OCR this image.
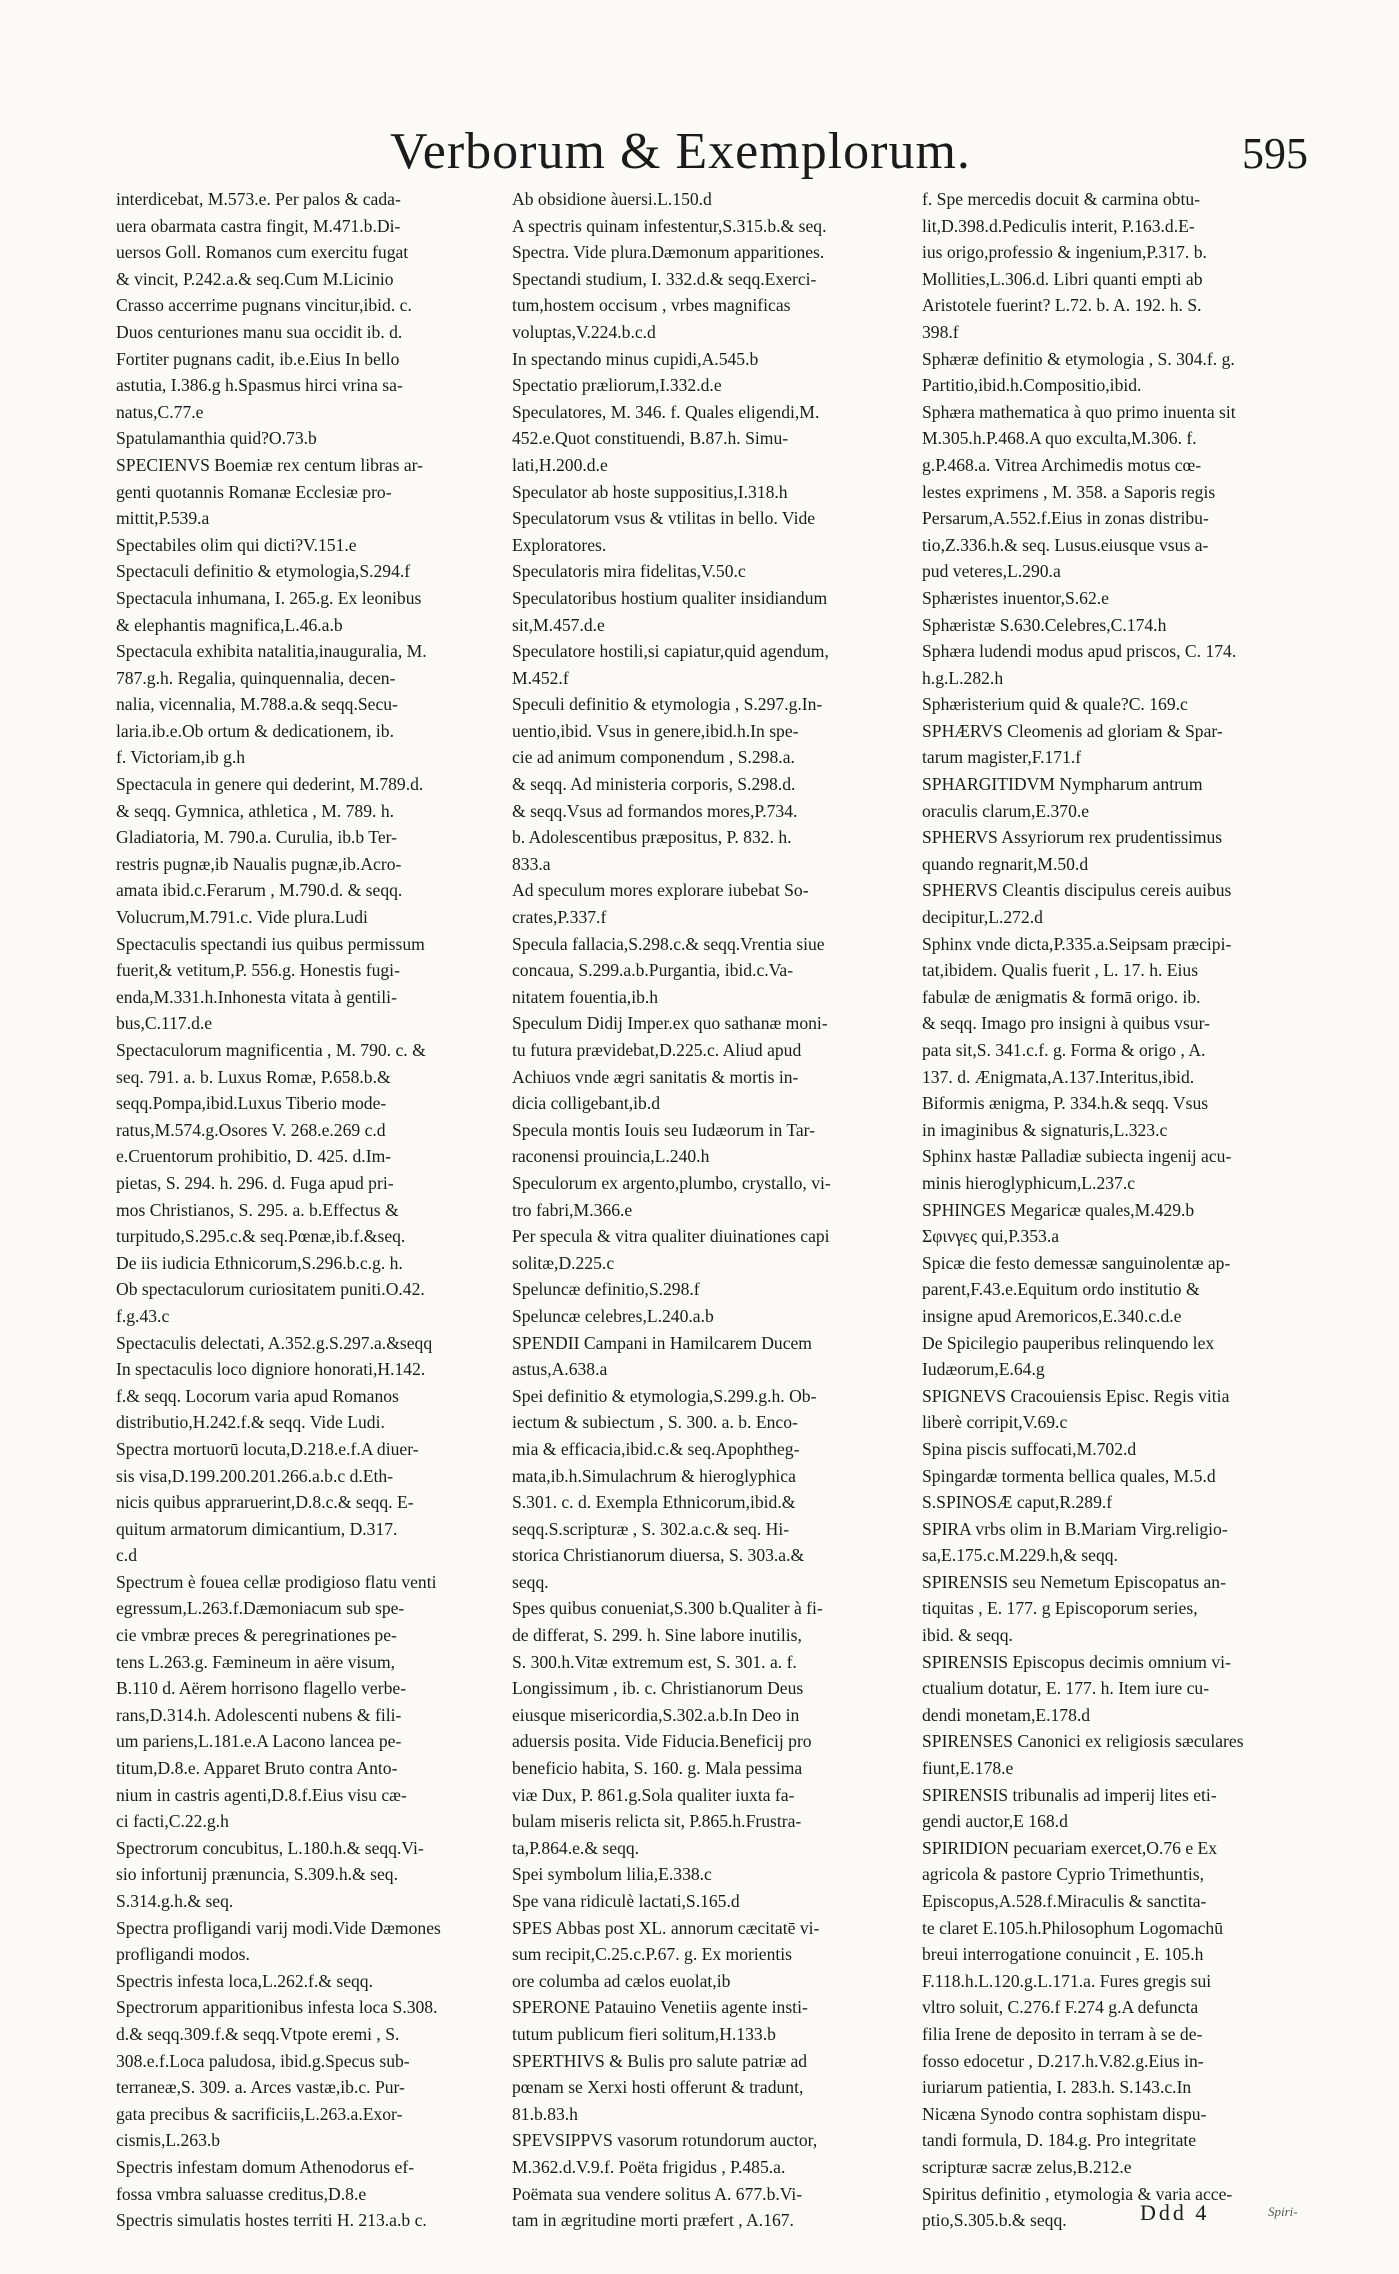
Verborum & Exemplorum.	595
interdicebat, M.573.e. Per palos & cada-
uera obarmata castra fingit, M.471.b.Di-
uersos Goll. Romanos cum exercitu fugat
& vincit, P.242.a.& seq.Cum M.Licinio
Crasso accerrime pugnans vincitur,ibid. c.
Duos centuriones manu sua occidit ib. d.
Fortiter pugnans cadit, ib.e.Eius In bello
astutia, I.386.g h.Spasmus hirci vrina sa-
natus,C.77.e
Spatulamanthia quid?O.73.b
SPECIENVS Boemiæ rex centum libras ar-
genti quotannis Romanæ Ecclesiæ pro-
mittit,P.539.a
Spectabiles olim qui dicti?V.151.e
Spectaculi definitio & etymologia,S.294.f
Spectacula inhumana, I. 265.g. Ex leonibus
& elephantis magnifica,L.46.a.b
Spectacula exhibita natalitia,inauguralia, M.
787.g.h. Regalia, quinquennalia, decen-
nalia, vicennalia, M.788.a.& seqq.Secu-
laria.ib.e.Ob ortum & dedicationem, ib.
f. Victoriam,ib g.h
Spectacula in genere qui dederint, M.789.d.
& seqq. Gymnica, athletica , M. 789. h.
Gladiatoria, M. 790.a. Curulia, ib.b Ter-
restris pugnæ,ib Naualis pugnæ,ib.Acro-
amata ibid.c.Ferarum , M.790.d. & seqq.
Volucrum,M.791.c. Vide plura.Ludi
Spectaculis spectandi ius quibus permissum
fuerit,& vetitum,P. 556.g. Honestis fugi-
enda,M.331.h.Inhonesta vitata à gentili-
bus,C.117.d.e
Spectaculorum magnificentia , M. 790. c. &
seq. 791. a. b. Luxus Romæ, P.658.b.&
seqq.Pompa,ibid.Luxus Tiberio mode-
ratus,M.574.g.Osores V. 268.e.269 c.d
e.Cruentorum prohibitio, D. 425. d.Im-
pietas, S. 294. h. 296. d. Fuga apud pri-
mos Christianos, S. 295. a. b.Effectus &
turpitudo,S.295.c.& seq.Pœnæ,ib.f.&seq.
De iis iudicia Ethnicorum,S.296.b.c.g. h.
Ob spectaculorum curiositatem puniti.O.42.
f.g.43.c
Spectaculis delectati, A.352.g.S.297.a.&seqq
In spectaculis loco digniore honorati,H.142.
f.& seqq. Locorum varia apud Romanos
distributio,H.242.f.& seqq. Vide Ludi.
Spectra mortuorū locuta,D.218.e.f.A diuer-
sis visa,D.199.200.201.266.a.b.c d.Eth-
nicis quibus appraruerint,D.8.c.& seqq. E-
quitum armatorum dimicantium, D.317.
c.d
Spectrum è fouea cellæ prodigioso flatu venti
egressum,L.263.f.Dæmoniacum sub spe-
cie vmbræ preces & peregrinationes pe-
tens L.263.g. Fæmineum in aëre visum,
B.110 d. Aërem horrisono flagello verbe-
rans,D.314.h. Adolescenti nubens & fili-
um pariens,L.181.e.A Lacono lancea pe-
titum,D.8.e. Apparet Bruto contra Anto-
nium in castris agenti,D.8.f.Eius visu cæ-
ci facti,C.22.g.h
Spectrorum concubitus, L.180.h.& seqq.Vi-
sio infortunij prænuncia, S.309.h.& seq.
S.314.g.h.& seq.
Spectra profligandi varij modi.Vide Dæmones
profligandi modos.
Spectris infesta loca,L.262.f.& seqq.
Spectrorum apparitionibus infesta loca S.308.
d.& seqq.309.f.& seqq.Vtpote eremi , S.
308.e.f.Loca paludosa, ibid.g.Specus sub-
terraneæ,S. 309. a. Arces vastæ,ib.c. Pur-
gata precibus & sacrificiis,L.263.a.Exor-
cismis,L.263.b
Spectris infestam domum Athenodorus ef-
fossa vmbra saluasse creditus,D.8.e
Spectris simulatis hostes territi H. 213.a.b c.
Ab obsidione àuersi.L.150.d
A spectris quinam infestentur,S.315.b.& seq.
Spectra. Vide plura.Dæmonum apparitiones.
Spectandi studium, I. 332.d.& seqq.Exerci-
tum,hostem occisum , vrbes magnificas
voluptas,V.224.b.c.d
In spectando minus cupidi,A.545.b
Spectatio præliorum,I.332.d.e
Speculatores, M. 346. f. Quales eligendi,M.
452.e.Quot constituendi, B.87.h. Simu-
lati,H.200.d.e
Speculator ab hoste suppositius,I.318.h
Speculatorum vsus & vtilitas in bello. Vide
Exploratores.
Speculatoris mira fidelitas,V.50.c
Speculatoribus hostium qualiter insidiandum
sit,M.457.d.e
Speculatore hostili,si capiatur,quid agendum,
M.452.f
Speculi definitio & etymologia , S.297.g.In-
uentio,ibid. Vsus in genere,ibid.h.In spe-
cie ad animum componendum , S.298.a.
& seqq. Ad ministeria corporis, S.298.d.
& seqq.Vsus ad formandos mores,P.734.
b. Adolescentibus præpositus, P. 832. h.
833.a
Ad speculum mores explorare iubebat So-
crates,P.337.f
Specula fallacia,S.298.c.& seqq.Vrentia siue
concaua, S.299.a.b.Purgantia, ibid.c.Va-
nitatem fouentia,ib.h
Speculum Didij Imper.ex quo sathanæ moni-
tu futura prævidebat,D.225.c. Aliud apud
Achiuos vnde ægri sanitatis & mortis in-
dicia colligebant,ib.d
Specula montis Iouis seu Iudæorum in Tar-
raconensi prouincia,L.240.h
Speculorum ex argento,plumbo, crystallo, vi-
tro fabri,M.366.e
Per specula & vitra qualiter diuinationes capi
solitæ,D.225.c
Speluncæ definitio,S.298.f
Speluncæ celebres,L.240.a.b
SPENDII Campani in Hamilcarem Ducem
astus,A.638.a
Spei definitio & etymologia,S.299.g.h. Ob-
iectum & subiectum , S. 300. a. b. Enco-
mia & efficacia,ibid.c.& seq.Apophtheg-
mata,ib.h.Simulachrum & hieroglyphica
S.301. c. d. Exempla Ethnicorum,ibid.&
seqq.S.scripturæ , S. 302.a.c.& seq. Hi-
storica Christianorum diuersa, S. 303.a.&
seqq.
Spes quibus conueniat,S.300 b.Qualiter à fi-
de differat, S. 299. h. Sine labore inutilis,
S. 300.h.Vitæ extremum est, S. 301. a. f.
Longissimum , ib. c. Christianorum Deus
eiusque misericordia,S.302.a.b.In Deo in
aduersis posita. Vide Fiducia.Beneficij pro
beneficio habita, S. 160. g. Mala pessima
viæ Dux, P. 861.g.Sola qualiter iuxta fa-
bulam miseris relicta sit, P.865.h.Frustra-
ta,P.864.e.& seqq.
Spei symbolum lilia,E.338.c
Spe vana ridiculè lactati,S.165.d
SPES Abbas post XL. annorum cæcitatē vi-
sum recipit,C.25.c.P.67. g. Ex morientis
ore columba ad cælos euolat,ib
SPERONE Patauino Venetiis agente insti-
tutum publicum fieri solitum,H.133.b
SPERTHIVS & Bulis pro salute patriæ ad
pœnam se Xerxi hosti offerunt & tradunt,
81.b.83.h
SPEVSIPPVS vasorum rotundorum auctor,
M.362.d.V.9.f. Poëta frigidus , P.485.a.
Poëmata sua vendere solitus A. 677.b.Vi-
tam in ægritudine morti præfert , A.167.
f. Spe mercedis docuit & carmina obtu-
lit,D.398.d.Pediculis interit, P.163.d.E-
ius origo,professio & ingenium,P.317. b.
Mollities,L.306.d. Libri quanti empti ab
Aristotele fuerint? L.72. b. A. 192. h. S.
398.f
Sphæræ definitio & etymologia , S. 304.f. g.
Partitio,ibid.h.Compositio,ibid.
Sphæra mathematica à quo primo inuenta sit
M.305.h.P.468.A quo exculta,M.306. f.
g.P.468.a. Vitrea Archimedis motus cœ-
lestes exprimens , M. 358. a Saporis regis
Persarum,A.552.f.Eius in zonas distribu-
tio,Z.336.h.& seq. Lusus.eiusque vsus a-
pud veteres,L.290.a
Sphæristes inuentor,S.62.e
Sphæristæ S.630.Celebres,C.174.h
Sphæra ludendi modus apud priscos, C. 174.
h.g.L.282.h
Sphæristerium quid & quale?C. 169.c
SPHÆRVS Cleomenis ad gloriam & Spar-
tarum magister,F.171.f
SPHARGITIDVM Nympharum antrum
oraculis clarum,E.370.e
SPHERVS Assyriorum rex prudentissimus
quando regnarit,M.50.d
SPHERVS Cleantis discipulus cereis auibus
decipitur,L.272.d
Sphinx vnde dicta,P.335.a.Seipsam præcipi-
tat,ibidem. Qualis fuerit , L. 17. h. Eius
fabulæ de ænigmatis & formā origo. ib.
& seqq. Imago pro insigni à quibus vsur-
pata sit,S. 341.c.f. g. Forma & origo , A.
137. d. Ænigmata,A.137.Interitus,ibid.
Biformis ænigma, P. 334.h.& seqq. Vsus
in imaginibus & signaturis,L.323.c
Sphinx hastæ Palladiæ subiecta ingenij acu-
minis hieroglyphicum,L.237.c
SPHINGES Megaricæ quales,M.429.b
Σφινγες qui,P.353.a
Spicæ die festo demessæ sanguinolentæ ap-
parent,F.43.e.Equitum ordo institutio &
insigne apud Aremoricos,E.340.c.d.e
De Spicilegio pauperibus relinquendo lex
Iudæorum,E.64.g
SPIGNEVS Cracouiensis Episc. Regis vitia
liberè corripit,V.69.c
Spina piscis suffocati,M.702.d
Spingardæ tormenta bellica quales, M.5.d
S.SPINOSÆ caput,R.289.f
SPIRA vrbs olim in B.Mariam Virg.religio-
sa,E.175.c.M.229.h,& seqq.
SPIRENSIS seu Nemetum Episcopatus an-
tiquitas , E. 177. g Episcoporum series,
ibid. & seqq.
SPIRENSIS Episcopus decimis omnium vi-
ctualium dotatur, E. 177. h. Item iure cu-
dendi monetam,E.178.d
SPIRENSES Canonici ex religiosis sæculares
fiunt,E.178.e
SPIRENSIS tribunalis ad imperij lites eti-
gendi auctor,E 168.d
SPIRIDION pecuariam exercet,O.76 e Ex
agricola & pastore Cyprio Trimethuntis,
Episcopus,A.528.f.Miraculis & sanctita-
te claret E.105.h.Philosophum Logomachū
breui interrogatione conuincit , E. 105.h
F.118.h.L.120.g.L.171.a. Fures gregis sui
vltro soluit, C.276.f F.274 g.A defuncta
filia Irene de deposito in terram à se de-
fosso edocetur , D.217.h.V.82.g.Eius in-
iuriarum patientia, I. 283.h. S.143.c.In
Nicæna Synodo contra sophistam dispu-
tandi formula, D. 184.g. Pro integritate
scripturæ sacræ zelus,B.212.e
Spiritus definitio , etymologia & varia acce-
ptio,S.305.b.& seqq.	Ddd 4	Spiri-
